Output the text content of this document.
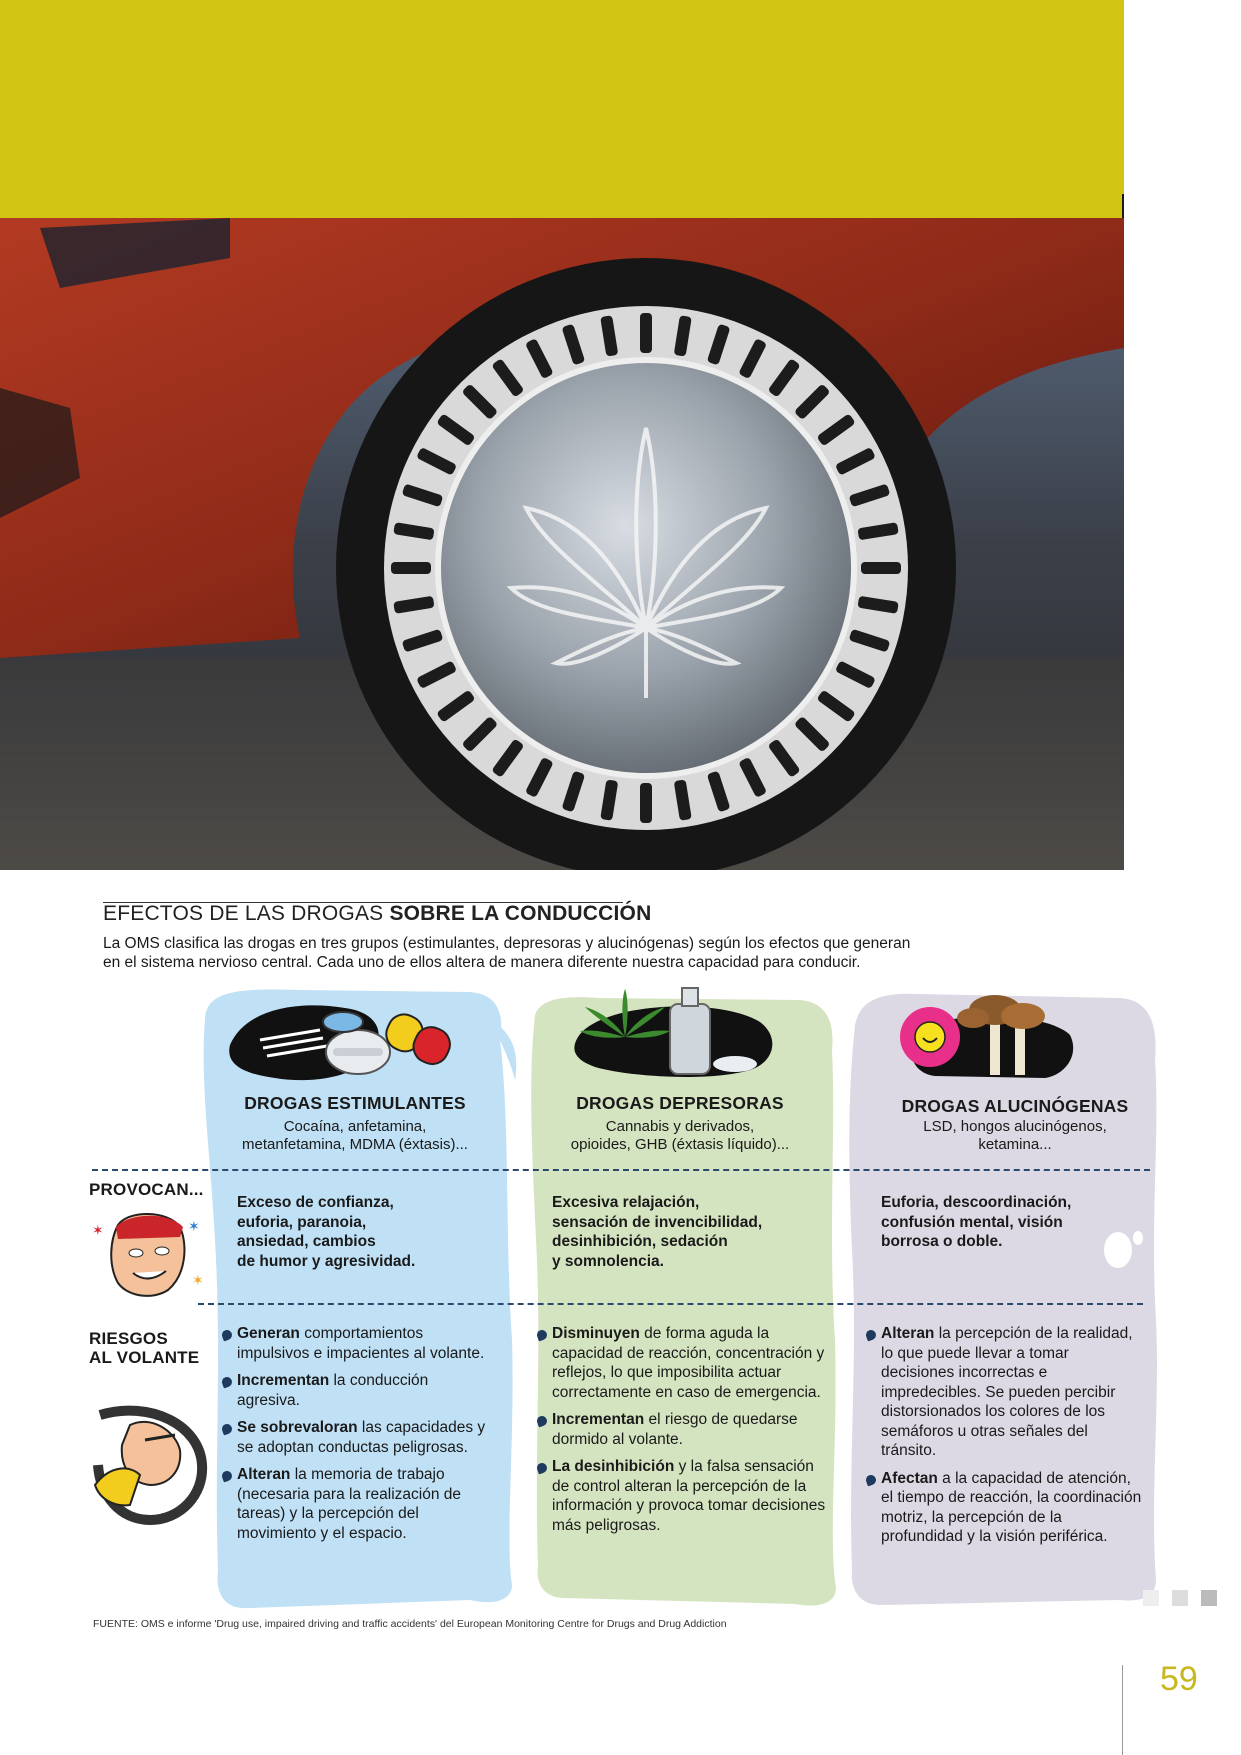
EFECTOS DE LAS DROGAS SOBRE LA CONDUCCIÓN
La OMS clasifica las drogas en tres grupos (estimulantes, depresoras y alucinógenas) según los efectos que generan
en el sistema nervioso central. Cada uno de ellos altera de manera diferente nuestra capacidad para conducir.
✶	✶
✶
DROGAS ESTIMULANTES
Cocaína, anfetamina,
metanfetamina, MDMA (éxtasis)...
DROGAS DEPRESORAS
Cannabis y derivados,
opioides, GHB (éxtasis líquido)...
DROGAS ALUCINÓGENAS
LSD, hongos alucinógenos,
ketamina...
PROVOCAN...
RIESGOS
AL VOLANTE
Exceso de confianza,
euforia, paranoia,
ansiedad, cambios
de humor y agresividad.
Excesiva relajación,
sensación de invencibilidad,
desinhibición, sedación
y somnolencia.
Euforia, descoordinación,
confusión mental, visión
borrosa o doble.
Generan comportamientos impulsivos e impacientes al volante.
Incrementan la conducción agresiva.
Se sobrevaloran las capacidades y se adoptan conductas peligrosas.
Alteran la memoria de trabajo (necesaria para la realización de tareas) y la percepción del movimiento y el espacio.
Disminuyen de forma aguda la capacidad de reacción, concentración y reflejos, lo que imposibilita actuar correctamente en caso de emergencia.
Incrementan el riesgo de quedarse dormido al volante.
La desinhibición y la falsa sensación de control alteran la percepción de la información y provoca tomar decisiones más peligrosas.
Alteran la percepción de la realidad, lo que puede llevar a tomar decisiones incorrectas e impredecibles. Se pueden percibir distorsionados los colores de los semáforos u otras señales del tránsito.
Afectan a la capacidad de atención, el tiempo de reacción, la coordinación motriz, la percepción de la profundidad y la visión periférica.
FUENTE: OMS e informe 'Drug use, impaired driving and traffic accidents' del European Monitoring Centre for Drugs and Drug Addiction
59
